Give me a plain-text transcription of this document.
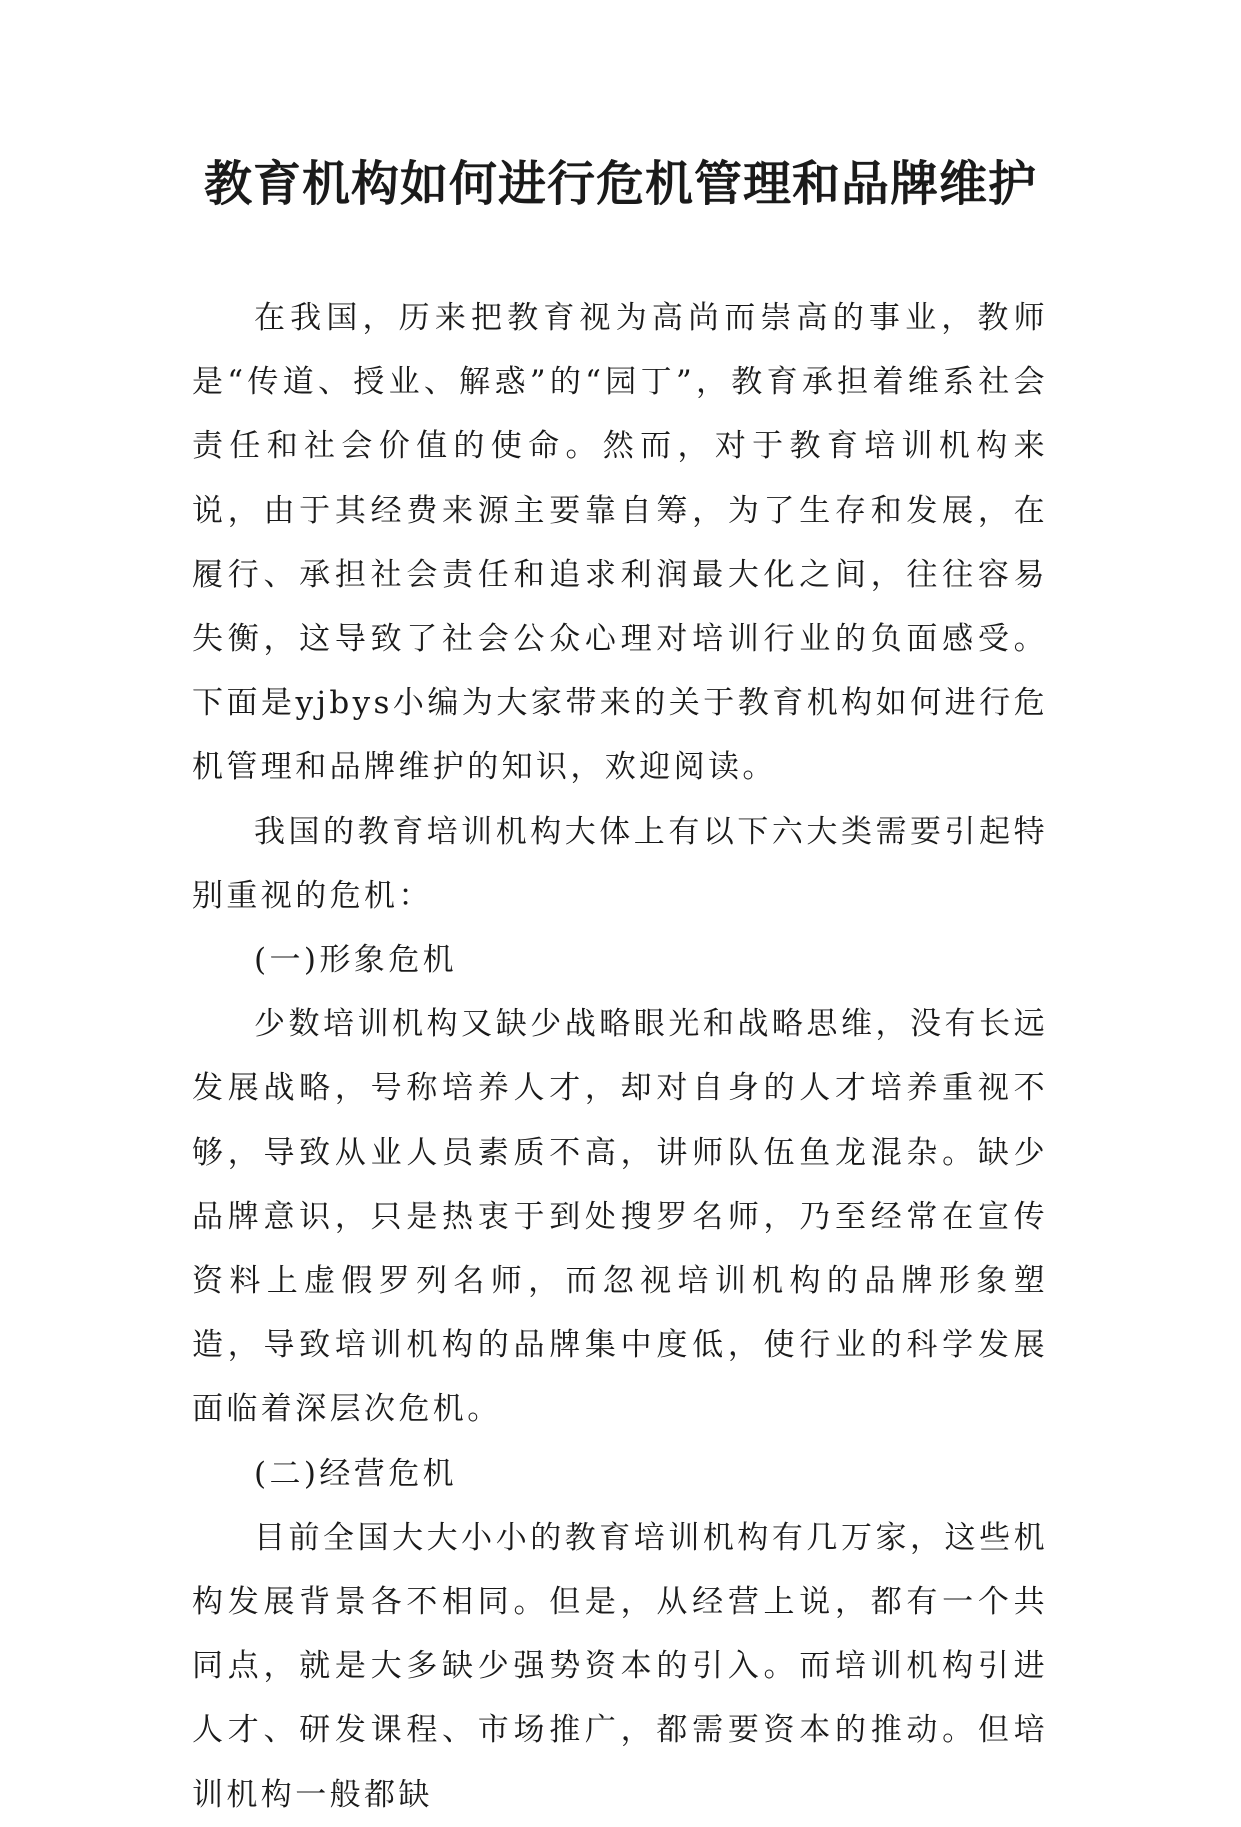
教育机构如何进行危机管理和品牌维护

在我国，历来把教育视为高尚而崇高的事业，教师是“传道、授业、解惑”的“园丁”，教育承担着维系社会责任和社会价值的使命。然而，对于教育培训机构来说，由于其经费来源主要靠自筹，为了生存和发展，在履行、承担社会责任和追求利润最大化之间，往往容易失衡，这导致了社会公众心理对培训行业的负面感受。下面是yjbys小编为大家带来的关于教育机构如何进行危机管理和品牌维护的知识，欢迎阅读。

我国的教育培训机构大体上有以下六大类需要引起特别重视的危机：

(一)形象危机

少数培训机构又缺少战略眼光和战略思维，没有长远发展战略，号称培养人才，却对自身的人才培养重视不够，导致从业人员素质不高，讲师队伍鱼龙混杂。缺少品牌意识，只是热衷于到处搜罗名师，乃至经常在宣传资料上虚假罗列名师，而忽视培训机构的品牌形象塑造，导致培训机构的品牌集中度低，使行业的科学发展面临着深层次危机。

(二)经营危机

目前全国大大小小的教育培训机构有几万家，这些机构发展背景各不相同。但是，从经营上说，都有一个共同点，就是大多缺少强势资本的引入。而培训机构引进人才、研发课程、市场推广，都需要资本的推动。但培训机构一般都缺
